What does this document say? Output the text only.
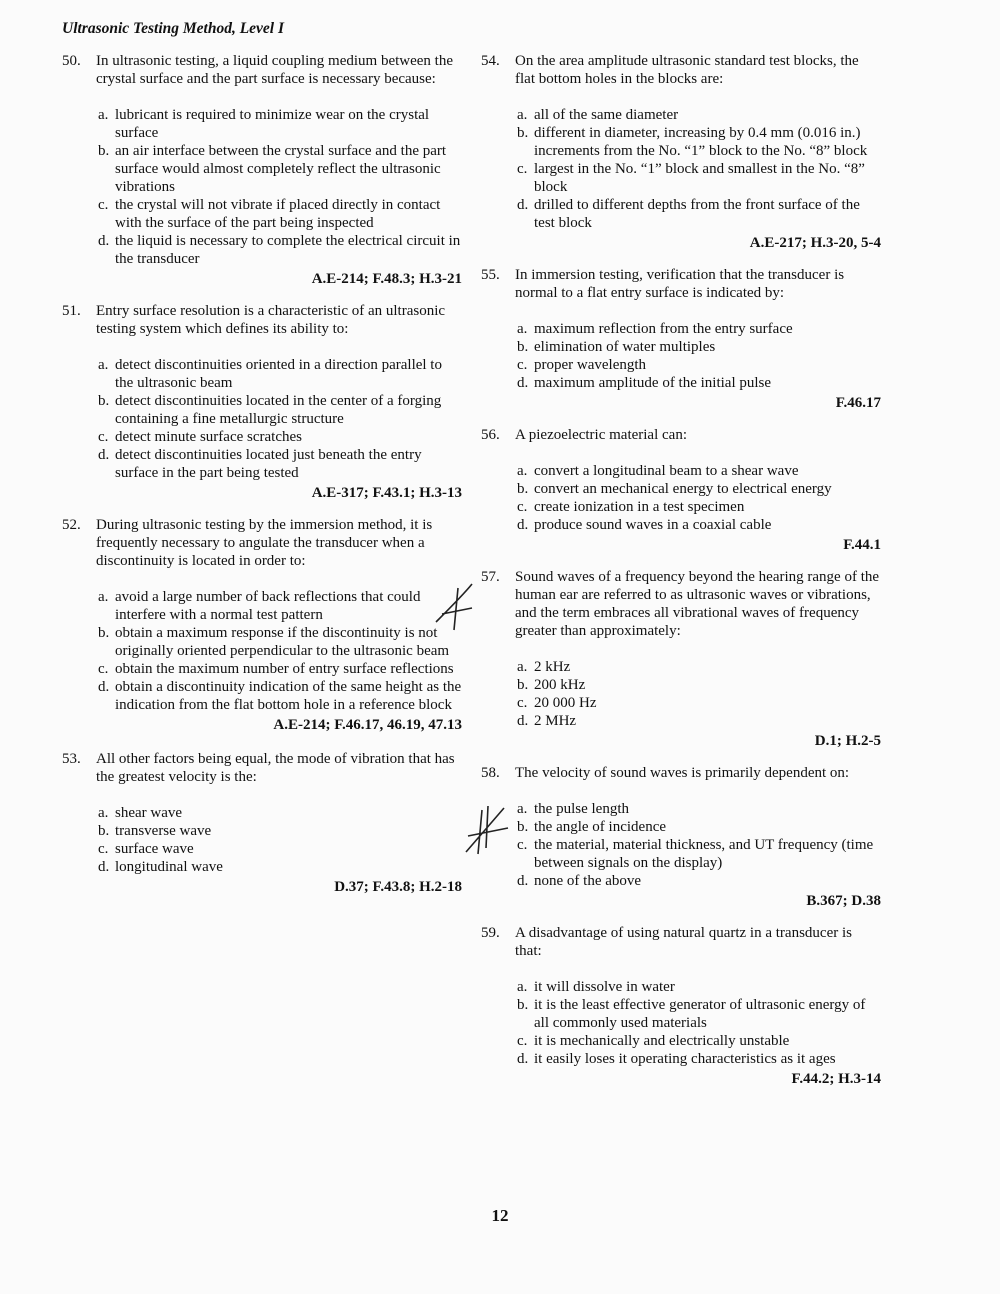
Ultrasonic Testing Method, Level I
50.	In ultrasonic testing, a liquid coupling medium between the crystal surface and the part surface is necessary because:
a. lubricant is required to minimize wear on the crystal surface
b. an air interface between the crystal surface and the part surface would almost completely reflect the ultrasonic vibrations
c. the crystal will not vibrate if placed directly in contact with the surface of the part being inspected
d. the liquid is necessary to complete the electrical circuit in the transducer
A.E-214; F.48.3; H.3-21
51.	Entry surface resolution is a characteristic of an ultrasonic testing system which defines its ability to:
a. detect discontinuities oriented in a direction parallel to the ultrasonic beam
b. detect discontinuities located in the center of a forging containing a fine metallurgic structure
c. detect minute surface scratches
d. detect discontinuities located just beneath the entry surface in the part being tested
A.E-317; F.43.1; H.3-13
52.	During ultrasonic testing by the immersion method, it is frequently necessary to angulate the transducer when a discontinuity is located in order to:
a. avoid a large number of back reflections that could interfere with a normal test pattern
b. obtain a maximum response if the discontinuity is not originally oriented perpendicular to the ultrasonic beam
c. obtain the maximum number of entry surface reflections
d. obtain a discontinuity indication of the same height as the indication from the flat bottom hole in a reference block
A.E-214; F.46.17, 46.19, 47.13
53.	All other factors being equal, the mode of vibration that has the greatest velocity is the:
a. shear wave
b. transverse wave
c. surface wave
d. longitudinal wave
D.37; F.43.8; H.2-18
54.	On the area amplitude ultrasonic standard test blocks, the flat bottom holes in the blocks are:
a. all of the same diameter
b. different in diameter, increasing by 0.4 mm (0.016 in.) increments from the No. “1” block to the No. “8” block
c. largest in the No. “1” block and smallest in the No. “8” block
d. drilled to different depths from the front surface of the test block
A.E-217; H.3-20, 5-4
55.	In immersion testing, verification that the transducer is normal to a flat entry surface is indicated by:
a. maximum reflection from the entry surface
b. elimination of water multiples
c. proper wavelength
d. maximum amplitude of the initial pulse
F.46.17
56.	A piezoelectric material can:
a. convert a longitudinal beam to a shear wave
b. convert an mechanical energy to electrical energy
c. create ionization in a test specimen
d. produce sound waves in a coaxial cable
F.44.1
57.	Sound waves of a frequency beyond the hearing range of the human ear are referred to as ultrasonic waves or vibrations, and the term embraces all vibrational waves of frequency greater than approximately:
a. 2 kHz
b. 200 kHz
c. 20 000 Hz
d. 2 MHz
D.1; H.2-5
58.	The velocity of sound waves is primarily dependent on:
a. the pulse length
b. the angle of incidence
c. the material, material thickness, and UT frequency (time between signals on the display)
d. none of the above
B.367; D.38
59.	A disadvantage of using natural quartz in a transducer is that:
a. it will dissolve in water
b. it is the least effective generator of ultrasonic energy of all commonly used materials
c. it is mechanically and electrically unstable
d. it easily loses it operating characteristics as it ages
F.44.2; H.3-14
12
